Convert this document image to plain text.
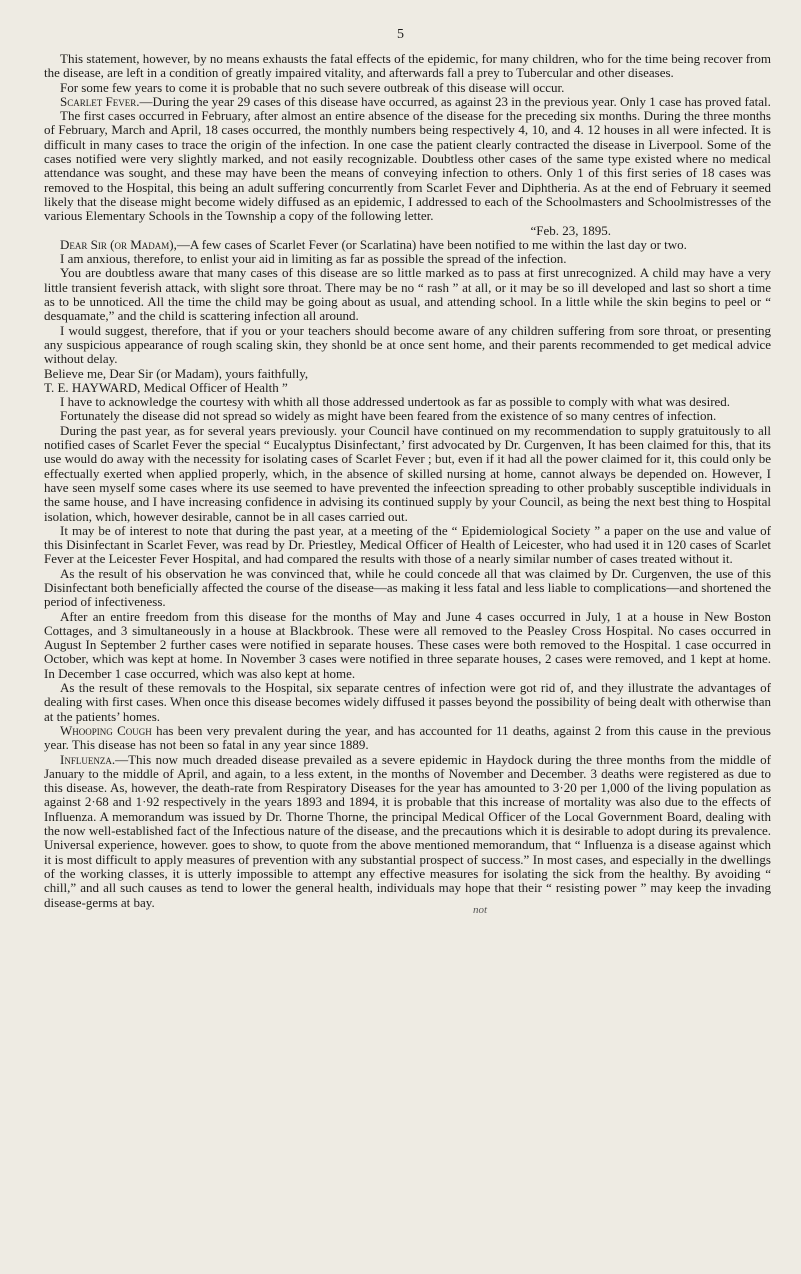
5

This statement, however, by no means exhausts the fatal effects of the epidemic, for many children, who for the time being recover from the disease, are left in a condition of greatly impaired vitality, and afterwards fall a prey to Tubercular and other diseases.

For some few years to come it is probable that no such severe outbreak of this disease will occur.

Scarlet Fever.—During the year 29 cases of this disease have occurred, as against 23 in the previous year. Only 1 case has proved fatal.

The first cases occurred in February, after almost an entire absence of the disease for the preceding six months. During the three months of February, March and April, 18 cases occurred, the monthly numbers being respectively 4, 10, and 4. 12 houses in all were infected. It is difficult in many cases to trace the origin of the infection. In one case the patient clearly contracted the disease in Liverpool. Some of the cases notified were very slightly marked, and not easily recognizable. Doubtless other cases of the same type existed where no medical attendance was sought, and these may have been the means of conveying infection to others. Only 1 of this first series of 18 cases was removed to the Hospital, this being an adult suffering concurrently from Scarlet Fever and Diphtheria. As at the end of February it seemed likely that the disease might become widely diffused as an epidemic, I addressed to each of the Schoolmasters and Schoolmistresses of the various Elementary Schools in the Township a copy of the following letter.

“Feb. 23, 1895.

Dear Sir (or Madam),—A few cases of Scarlet Fever (or Scarlatina) have been notified to me within the last day or two.

I am anxious, therefore, to enlist your aid in limiting as far as possible the spread of the infection.

You are doubtless aware that many cases of this disease are so little marked as to pass at first unrecognized. A child may have a very little transient feverish attack, with slight sore throat. There may be no “ rash ” at all, or it may be so ill developed and last so short a time as to be unnoticed. All the time the child may be going about as usual, and attending school. In a little while the skin begins to peel or “ desquamate,” and the child is scattering infection all around.

I would suggest, therefore, that if you or your teachers should become aware of any children suffering from sore throat, or presenting any suspicious appearance of rough scaling skin, they shonld be at once sent home, and their parents recommended to get medical advice without delay.

Believe me, Dear Sir (or Madam), yours faithfully,

T. E. HAYWARD, Medical Officer of Health ”

I have to acknowledge the courtesy with whith all those addressed undertook as far as possible to comply with what was desired.

Fortunately the disease did not spread so widely as might have been feared from the existence of so many centres of infection.

During the past year, as for several years previously. your Council have continued on my recommendation to supply gratuitously to all notified cases of Scarlet Fever the special “ Eucalyptus Disinfectant,’ first advocated by Dr. Curgenven, It has been claimed for this, that its use would do away with the necessity for isolating cases of Scarlet Fever ; but, even if it had all the power claimed for it, this could only be effectually exerted when applied properly, which, in the absence of skilled nursing at home, cannot always be depended on. However, I have seen myself some cases where its use seemed to have prevented the infeection spreading to other probably susceptible individuals in the same house, and I have increasing confidence in advising its continued supply by your Council, as being the next best thing to Hospital isolation, which, however desirable, cannot be in all cases carried out.

It may be of interest to note that during the past year, at a meeting of the “ Epidemiological Society ” a paper on the use and value of this Disinfectant in Scarlet Fever, was read by Dr. Priestley, Medical Officer of Health of Leicester, who had used it in 120 cases of Scarlet Fever at the Leicester Fever Hospital, and had compared the results with those of a nearly similar number of cases treated without it.

As the result of his observation he was convinced that, while he could concede all that was claimed by Dr. Curgenven, the use of this Disinfectant both beneficially affected the course of the disease—as making it less fatal and less liable to complications—and shortened the period of infectiveness.

After an entire freedom from this disease for the months of May and June 4 cases occurred in July, 1 at a house in New Boston Cottages, and 3 simultaneously in a house at Blackbrook. These were all removed to the Peasley Cross Hospital. No cases occurred in August In September 2 further cases were notified in separate houses. These cases were both removed to the Hospital. 1 case occurred in October, which was kept at home. In November 3 cases were notified in three separate houses, 2 cases were removed, and 1 kept at home. In December 1 case occurred, which was also kept at home.

As the result of these removals to the Hospital, six separate centres of infection were got rid of, and they illustrate the advantages of dealing with first cases. When once this disease becomes widely diffused it passes beyond the possibility of being dealt with otherwise than at the patients’ homes.

Whooping Cough has been very prevalent during the year, and has accounted for 11 deaths, against 2 from this cause in the previous year. This disease has not been so fatal in any year since 1889.

Influenza.—This now much dreaded disease prevailed as a severe epidemic in Haydock during the three months from the middle of January to the middle of April, and again, to a less extent, in the months of November and December. 3 deaths were registered as due to this disease. As, however, the death-rate from Respiratory Diseases for the year has amounted to 3·20 per 1,000 of the living population as against 2·68 and 1·92 respectively in the years 1893 and 1894, it is probable that this increase of mortality was also due to the effects of Influenza. A memorandum was issued by Dr. Thorne Thorne, the principal Medical Officer of the Local Government Board, dealing with the now well-established fact of the Infectious nature of the disease, and the precautions which it is desirable to adopt during its prevalence. Universal experience, however. goes to show, to quote from the above mentioned memorandum, that “ Influenza is a disease against which it is most difficult to apply measures of prevention with any substantial prospect of success.” In most cases, and especially in the dwellings of the working classes, it is utterly impossible to attempt any effective measures for isolating the sick from the healthy. By avoiding “ chill,” and all such causes as tend to lower the general health, individuals may hope that their “ resisting power ” may keep the invading disease-germs at bay.

not
